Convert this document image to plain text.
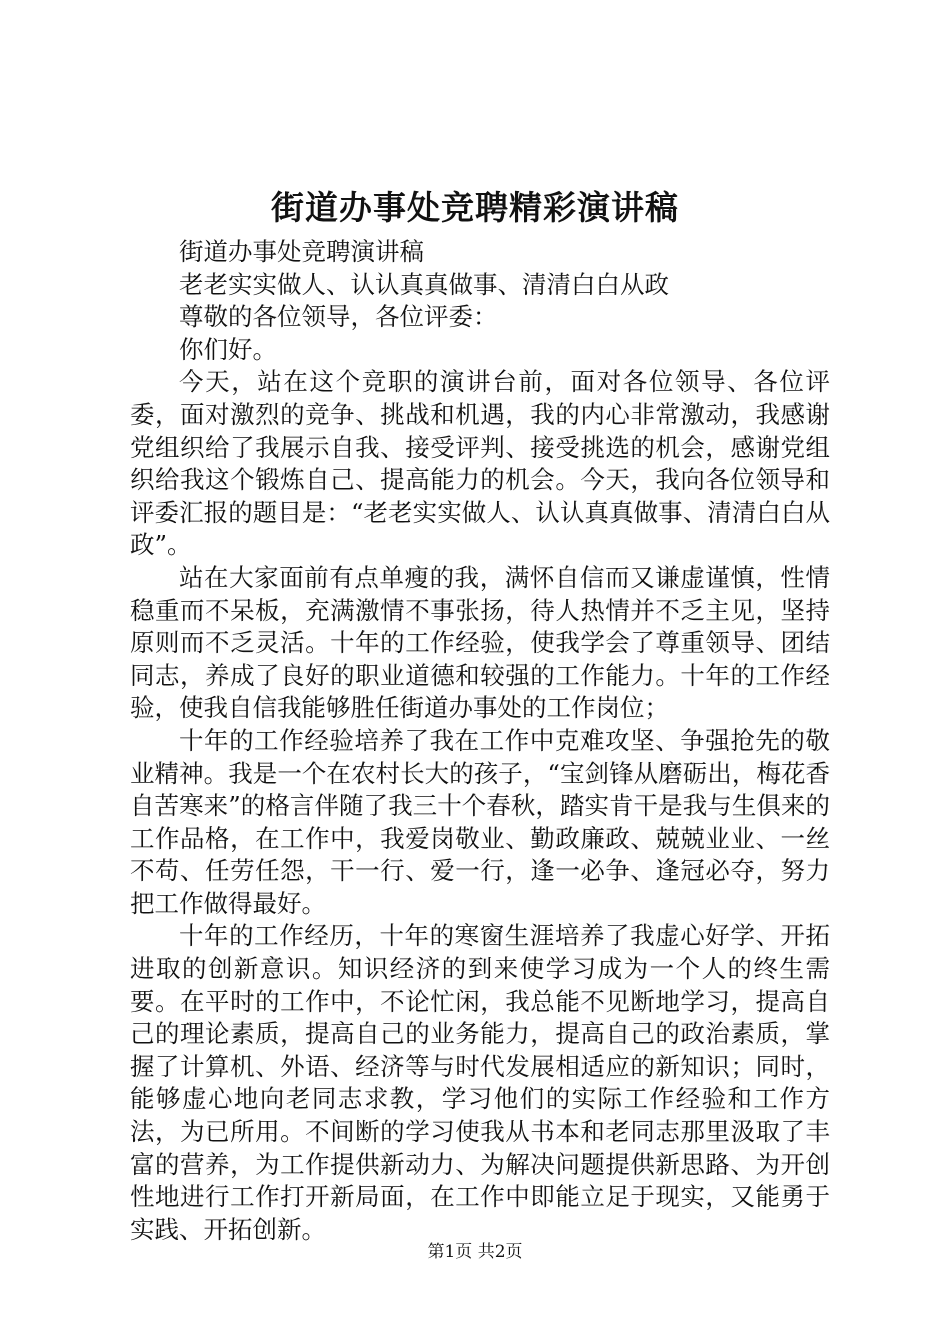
街道办事处竞聘精彩演讲稿

街道办事处竞聘演讲稿

老老实实做人、认认真真做事、清清白白从政

尊敬的各位领导，各位评委：

你们好。

今天，站在这个竞职的演讲台前，面对各位领导、各位评委，面对激烈的竞争、挑战和机遇，我的内心非常激动，我感谢党组织给了我展示自我、接受评判、接受挑选的机会，感谢党组织给我这个锻炼自己、提高能力的机会。今天，我向各位领导和评委汇报的题目是：“老老实实做人、认认真真做事、清清白白从政”。

站在大家面前有点单瘦的我，满怀自信而又谦虚谨慎，性情稳重而不呆板，充满激情不事张扬，待人热情并不乏主见，坚持原则而不乏灵活。十年的工作经验，使我学会了尊重领导、团结同志，养成了良好的职业道德和较强的工作能力。十年的工作经验，使我自信我能够胜任街道办事处的工作岗位；

十年的工作经验培养了我在工作中克难攻坚、争强抢先的敬业精神。我是一个在农村长大的孩子，“宝剑锋从磨砺出，梅花香自苦寒来”的格言伴随了我三十个春秋，踏实肯干是我与生俱来的工作品格，在工作中，我爱岗敬业、勤政廉政、兢兢业业、一丝不苟、任劳任怨，干一行、爱一行，逢一必争、逢冠必夺，努力把工作做得最好。

十年的工作经历，十年的寒窗生涯培养了我虚心好学、开拓进取的创新意识。知识经济的到来使学习成为一个人的终生需要。在平时的工作中，不论忙闲，我总能不见断地学习，提高自己的理论素质，提高自己的业务能力，提高自己的政治素质，掌握了计算机、外语、经济等与时代发展相适应的新知识；同时，能够虚心地向老同志求教，学习他们的实际工作经验和工作方法，为已所用。不间断的学习使我从书本和老同志那里汲取了丰富的营养，为工作提供新动力、为解决问题提供新思路、为开创性地进行工作打开新局面，在工作中即能立足于现实，又能勇于实践、开拓创新。

第1页 共2页
